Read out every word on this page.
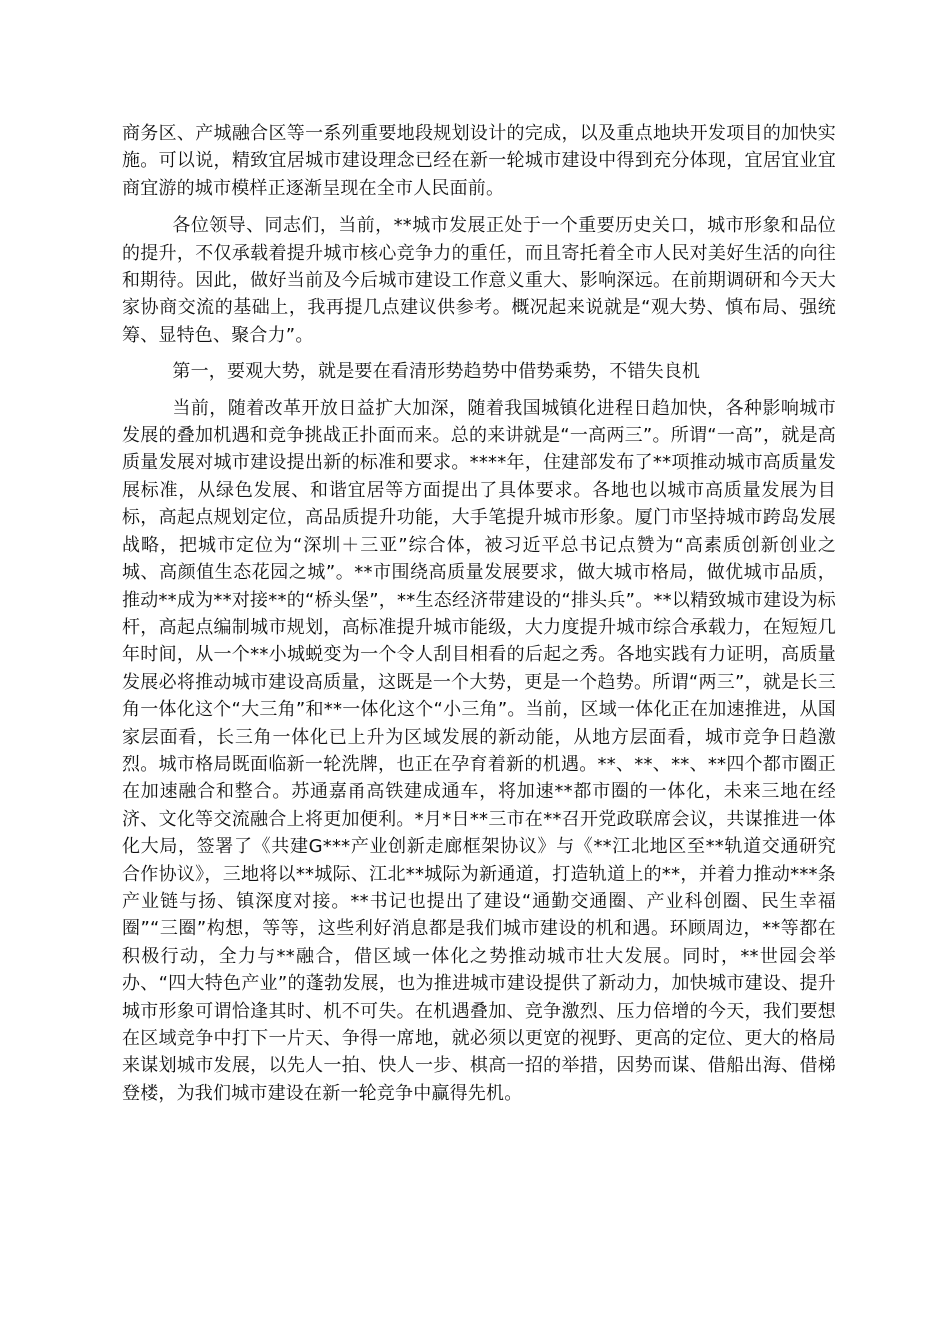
商务区、产城融合区等一系列重要地段规划设计的完成，以及重点地块开发项目的加快实施。可以说，精致宜居城市建设理念已经在新一轮城市建设中得到充分体现，宜居宜业宜商宜游的城市模样正逐渐呈现在全市人民面前。

各位领导、同志们，当前，**城市发展正处于一个重要历史关口，城市形象和品位的提升，不仅承载着提升城市核心竞争力的重任，而且寄托着全市人民对美好生活的向往和期待。因此，做好当前及今后城市建设工作意义重大、影响深远。在前期调研和今天大家协商交流的基础上，我再提几点建议供参考。概况起来说就是“观大势、慎布局、强统筹、显特色、聚合力”。

第一，要观大势，就是要在看清形势趋势中借势乘势，不错失良机

当前，随着改革开放日益扩大加深，随着我国城镇化进程日趋加快，各种影响城市发展的叠加机遇和竞争挑战正扑面而来。总的来讲就是“一高两三”。所谓“一高”，就是高质量发展对城市建设提出新的标准和要求。****年，住建部发布了**项推动城市高质量发展标准，从绿色发展、和谐宜居等方面提出了具体要求。各地也以城市高质量发展为目标，高起点规划定位，高品质提升功能，大手笔提升城市形象。厦门市坚持城市跨岛发展战略，把城市定位为“深圳＋三亚”综合体，被习近平总书记点赞为“高素质创新创业之城、高颜值生态花园之城”。**市围绕高质量发展要求，做大城市格局，做优城市品质，推动**成为**对接**的“桥头堡”，**生态经济带建设的“排头兵”。**以精致城市建设为标杆，高起点编制城市规划，高标准提升城市能级，大力度提升城市综合承载力，在短短几年时间，从一个**小城蜕变为一个令人刮目相看的后起之秀。各地实践有力证明，高质量发展必将推动城市建设高质量，这既是一个大势，更是一个趋势。所谓“两三”，就是长三角一体化这个“大三角”和**一体化这个“小三角”。当前，区域一体化正在加速推进，从国家层面看，长三角一体化已上升为区域发展的新动能，从地方层面看，城市竞争日趋激烈。城市格局既面临新一轮洗牌，也正在孕育着新的机遇。**、**、**、**四个都市圈正在加速融合和整合。苏通嘉甬高铁建成通车，将加速**都市圈的一体化，未来三地在经济、文化等交流融合上将更加便利。*月*日**三市在**召开党政联席会议，共谋推进一体化大局，签署了《共建G***产业创新走廊框架协议》与《**江北地区至**轨道交通研究合作协议》，三地将以**城际、江北**城际为新通道，打造轨道上的**，并着力推动***条产业链与扬、镇深度对接。**书记也提出了建设“通勤交通圈、产业科创圈、民生幸福圈”“三圈”构想，等等，这些利好消息都是我们城市建设的机和遇。环顾周边，**等都在积极行动，全力与**融合，借区域一体化之势推动城市壮大发展。同时，**世园会举办、“四大特色产业”的蓬勃发展，也为推进城市建设提供了新动力，加快城市建设、提升城市形象可谓恰逢其时、机不可失。在机遇叠加、竞争激烈、压力倍增的今天，我们要想在区域竞争中打下一片天、争得一席地，就必须以更宽的视野、更高的定位、更大的格局来谋划城市发展，以先人一拍、快人一步、棋高一招的举措，因势而谋、借船出海、借梯登楼，为我们城市建设在新一轮竞争中赢得先机。
